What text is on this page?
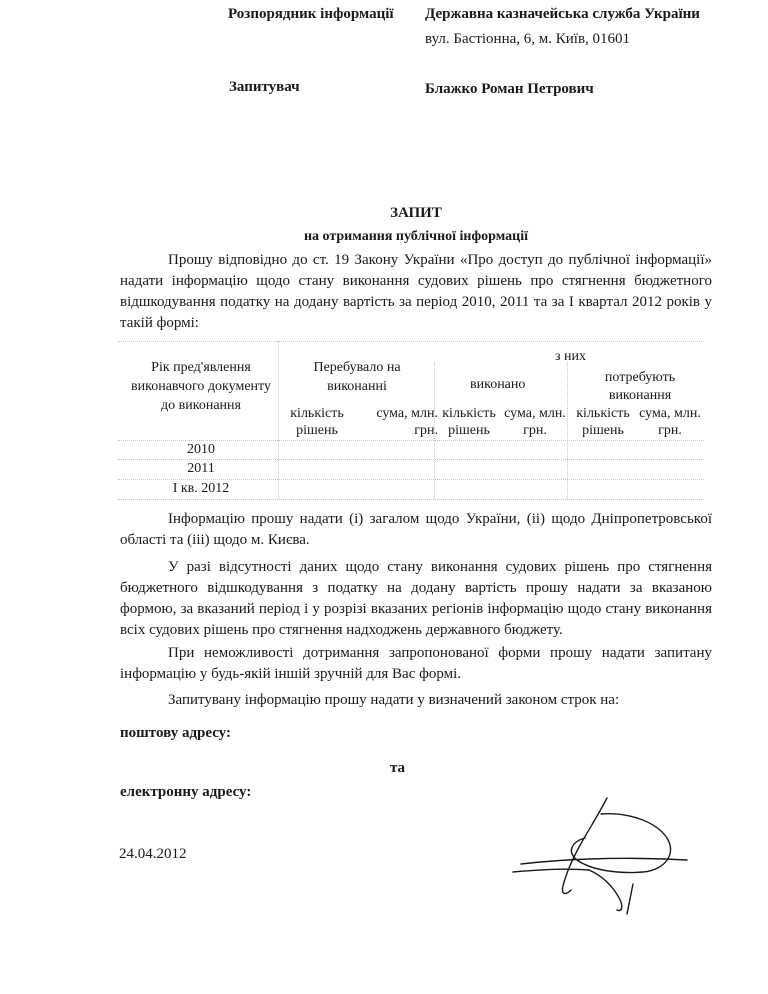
Розпорядник інформації Державна казначейська служба України
вул. Бастіонна, 6, м. Київ, 01601
Запитувач	Блажко Роман Петрович
ЗАПИТ
на отримання публічної інформації
Прошу відповідно до ст. 19 Закону України «Про доступ до публічної інформації» надати інформацію щодо стану виконання судових рішень про стягнення бюджетного відшкодування податку на додану вартість за період 2010, 2011 та за І квартал 2012 років у такій формі:
Рік пред'явлення виконавчого документу до виконання
Перебувало на виконанні
з них
виконано	потребують виконання
кількість рішень
сума, млн. грн.
кількість рішень
сума, млн. грн.
кількість рішень
сума, млн. грн.
2010
2011
І кв. 2012
Інформацію прошу надати (і) загалом щодо України, (іі) щодо Дніпропетровської області та (ііі) щодо м. Києва.
У разі відсутності даних щодо стану виконання судових рішень про стягнення бюджетного відшкодування з податку на додану вартість прошу надати за вказаною формою, за вказаний період і у розрізі вказаних регіонів інформацію щодо стану виконання всіх судових рішень про стягнення надходжень державного бюджету.
При неможливості дотримання запропонованої форми прошу надати запитану інформацію у будь-якій іншій зручній для Вас формі.
Запитувану інформацію прошу надати у визначений законом строк на:
поштову адресу:
та
електронну адресу:
24.04.2012
